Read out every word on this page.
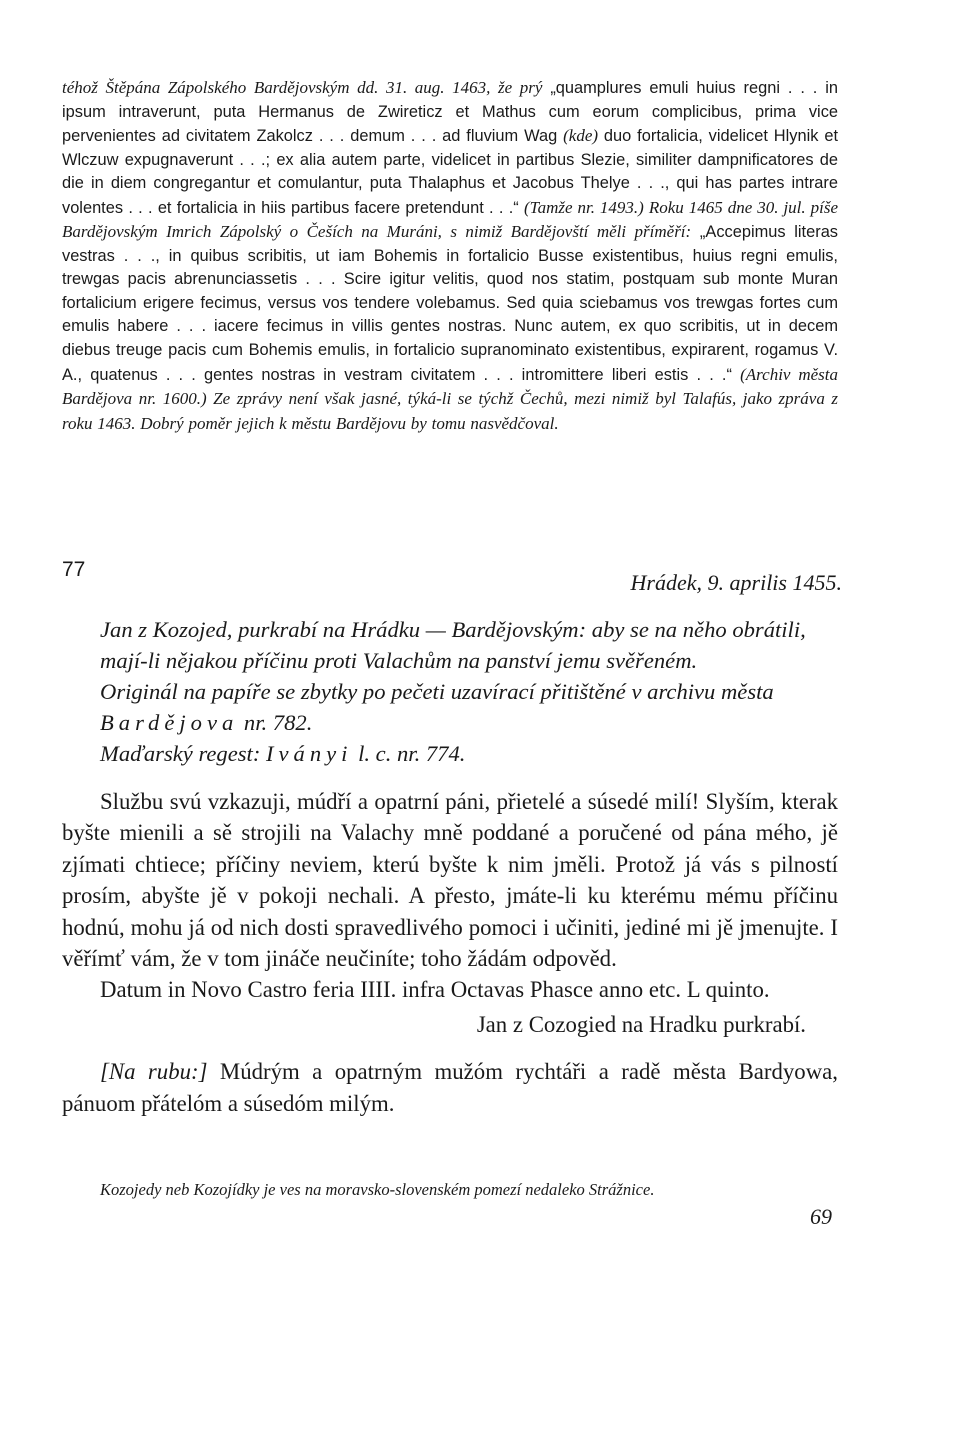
téhož Štěpána Zápolského Bardějovským dd. 31. aug. 1463, že prý „quamplures emuli huius regni . . . in ipsum intraverunt, puta Hermanus de Zwireticz et Mathus cum eorum complicibus, prima vice pervenientes ad civitatem Zakolcz . . . demum . . . ad fluvium Wag (kde) duo fortalicia, videlicet Hlynik et Wlczuw expugnaverunt . . .; ex alia autem parte, videlicet in partibus Slezie, similiter dampnificatores de die in diem congregantur et comulantur, puta Thalaphus et Jacobus Thelye . . ., qui has partes intrare volentes . . . et fortalicia in hiis partibus facere pretendunt . . .“ (Tamže nr. 1493.) Roku 1465 dne 30. jul. píše Bardějovským Imrich Zápolský o Češích na Muráni, s nimiž Bardějovští měli příměří: „Accepimus literas vestras . . ., in quibus scribitis, ut iam Bohemis in fortalicio Busse existentibus, huius regni emulis, trewgas pacis abrenunciassetis . . . Scire igitur velitis, quod nos statim, postquam sub monte Muran fortalicium erigere fecimus, versus vos tendere volebamus. Sed quia sciebamus vos trewgas fortes cum emulis habere . . . iacere fecimus in villis gentes nostras. Nunc autem, ex quo scribitis, ut in decem diebus treuge pacis cum Bohemis emulis, in fortalicio supranominato existentibus, expirarent, rogamus V. A., quatenus . . . gentes nostras in vestram civitatem . . . intromittere liberi estis . . .“ (Archiv města Bardějova nr. 1600.) Ze zprávy není však jasné, týká-li se týchž Čechů, mezi nimiž byl Talafús, jako zpráva z roku 1463. Dobrý poměr jejich k městu Bardějovu by tomu nasvědčoval.
77
Hrádek, 9. aprilis 1455.

Jan z Kozojed, purkrabí na Hrádku — Bardějovským: aby se na něho obrátili, mají-li nějakou příčinu proti Valachům na panství jemu svěřeném.

Originál na papíře se zbytky po pečeti uzavírací přitištěné v archivu města Bardějova nr. 782.

Maďarský regest: Iványi l. c. nr. 774.

Službu svú vzkazuji, múdří a opatrní páni, přietelé a súsedé milí! Slyším, kterak byšte mienili a sě strojili na Valachy mně poddané a poručené od pána mého, jě zjímati chtiece; příčiny neviem, kterú byšte k nim jměli. Protož já vás s pilností prosím, abyšte jě v pokoji nechali. A přesto, jmáte-li ku kterému mému příčinu hodnú, mohu já od nich dosti spravedlivého pomoci i učiniti, jediné mi jě jmenujte. I věřímť vám, že v tom jináče neučiníte; toho žádám odpověd.

Datum in Novo Castro feria IIII. infra Octavas Phasce anno etc. L quinto.

Jan z Cozogied na Hradku purkrabí.

[Na rubu:] Múdrým a opatrným mužóm rychtáři a radě města Bardyowa, pánuom přátelóm a súsedóm milým.

Kozojedy neb Kozojídky je ves na moravsko-slovenském pomezí nedaleko Strážnice.
69
